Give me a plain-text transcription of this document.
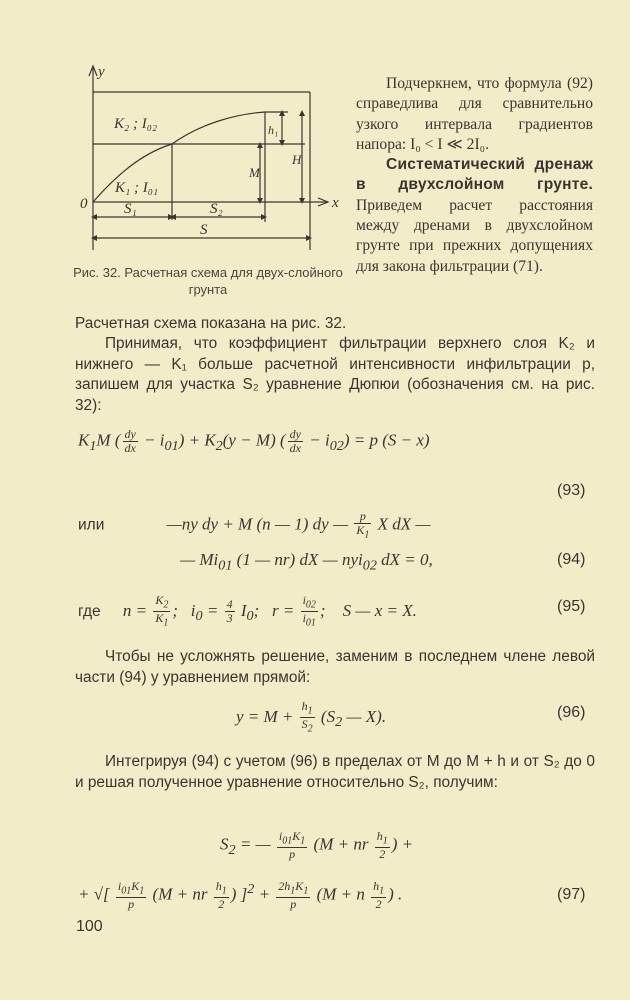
y
x
0
K₂ ; I₀₂
K₁ ; I₀₁
h₁
H
M
S₁	S₂
S
Рис. 32. Расчетная схема для двух-слойного грунта

Подчеркнем, что формула (92) справедлива для сравнительно узкого интервала градиентов напора: I₀ < I ≪ 2I₀.

Систематический дренаж в двухслойном грунте. Приведем расчет расстояния между дренами в двухслойном грунте при прежних допущениях для закона фильтрации (71).

Расчетная схема показана на рис. 32.
Принимая, что коэффициент фильтрации верхнего слоя K₂ и нижнего — K₁ больше расчетной интенсивности инфильтрации p, запишем для участка S₂ уравнение Дюпюи (обозначения см. на рис. 32):
$K_1M$ ( $\frac{dy}{dx} - i_{01}) + K_2(y - M)$ ( $\frac{dy}{dx} - i_{02}) = p$ (S − x)
(93)
или	—ny dy + M (n — 1) dy — $\frac{p}{K_1}$ X dX —
— $Mi_{01}$ (1 — nr) dX — nyi$_{02}$ dX = 0,	(94)
где $n = \frac{K_2}{K_1}$ ;   $i_0 = \frac{4}{3} I_0$;   $r = \frac{i_{02}}{i_{01}}$ ;    S — x = X.	(95)
Чтобы не усложнять решение, заменим в последнем члене левой части (94) y уравнением прямой:
$y = M + \frac{h_1}{S_2} (S_2$ — X).	(96)
Интегрируя (94) с учетом (96) в пределах от M до M + h и от S₂ до 0 и решая полученное уравнение относительно S₂, получим:
$S_2$ = — $\frac{i_{01}K_1}{p} (M$ + nr $\frac{h_1}{2}$ ) +
+ √[ $\frac{i_{01}K_1}{p} (M$ + nr $\frac{h_1}{2}$ ) ]$^2 + \frac{2h_1K_1}{p} (M + n \frac{h_1}{2}$ ) .	(97)
100
